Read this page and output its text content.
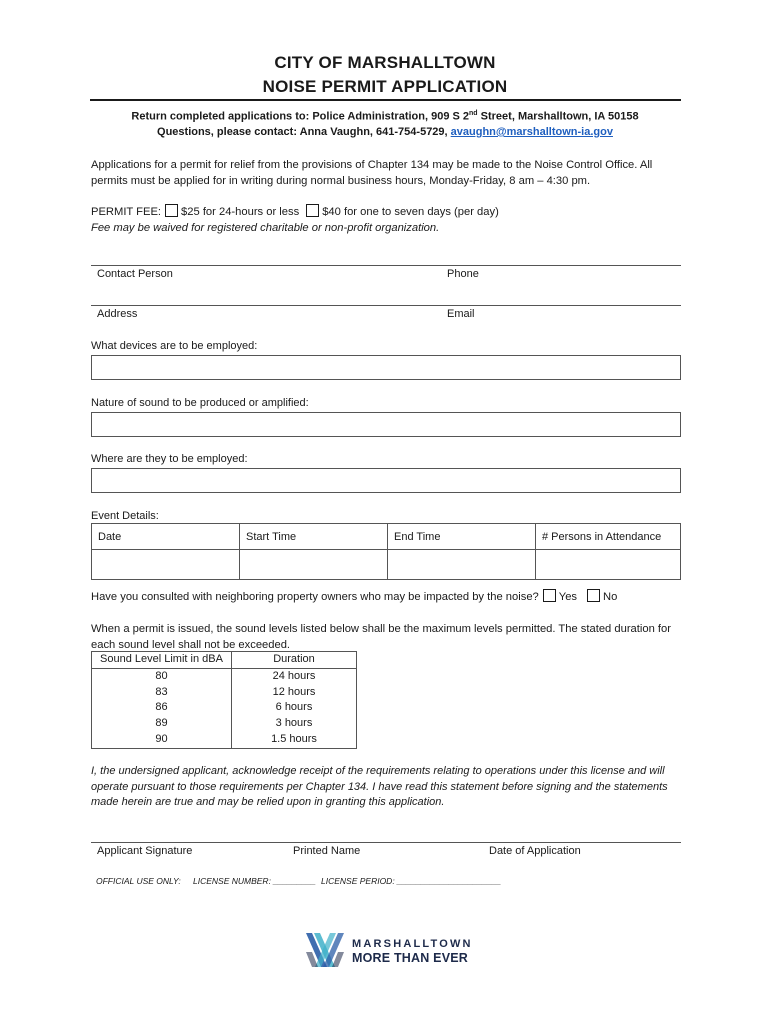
CITY OF MARSHALLTOWN
NOISE PERMIT APPLICATION
Return completed applications to: Police Administration, 909 S 2nd Street, Marshalltown, IA 50158
Questions, please contact: Anna Vaughn, 641-754-5729, avaughn@marshalltown-ia.gov
Applications for a permit for relief from the provisions of Chapter 134 may be made to the Noise Control Office. All permits must be applied for in writing during normal business hours, Monday-Friday, 8 am – 4:30 pm.
PERMIT FEE: $25 for 24-hours or less $40 for one to seven days (per day)
Fee may be waived for registered charitable or non-profit organization.
Contact Person	Phone
Address	Email
What devices are to be employed:
Nature of sound to be produced or amplified:
Where are they to be employed:
Event Details:
Date	Start Time	End Time	# Persons in Attendance

Have you consulted with neighboring property owners who may be impacted by the noise? Yes No
When a permit is issued, the sound levels listed below shall be the maximum levels permitted. The stated duration for each sound level shall not be exceeded.
Sound Level Limit in dBA	Duration
80	24 hours
83	12 hours
86	6 hours
89	3 hours
90	1.5 hours
I, the undersigned applicant, acknowledge receipt of the requirements relating to operations under this license and will operate pursuant to those requirements per Chapter 134. I have read this statement before signing and the statements made herein are true and may be relied upon in granting this application.
Applicant Signature	Printed Name	Date of Application
OFFICIAL USE ONLY: LICENSE NUMBER: _________ LICENSE PERIOD: ______________________
MARSHALLTOWN
MORE THAN EVER
